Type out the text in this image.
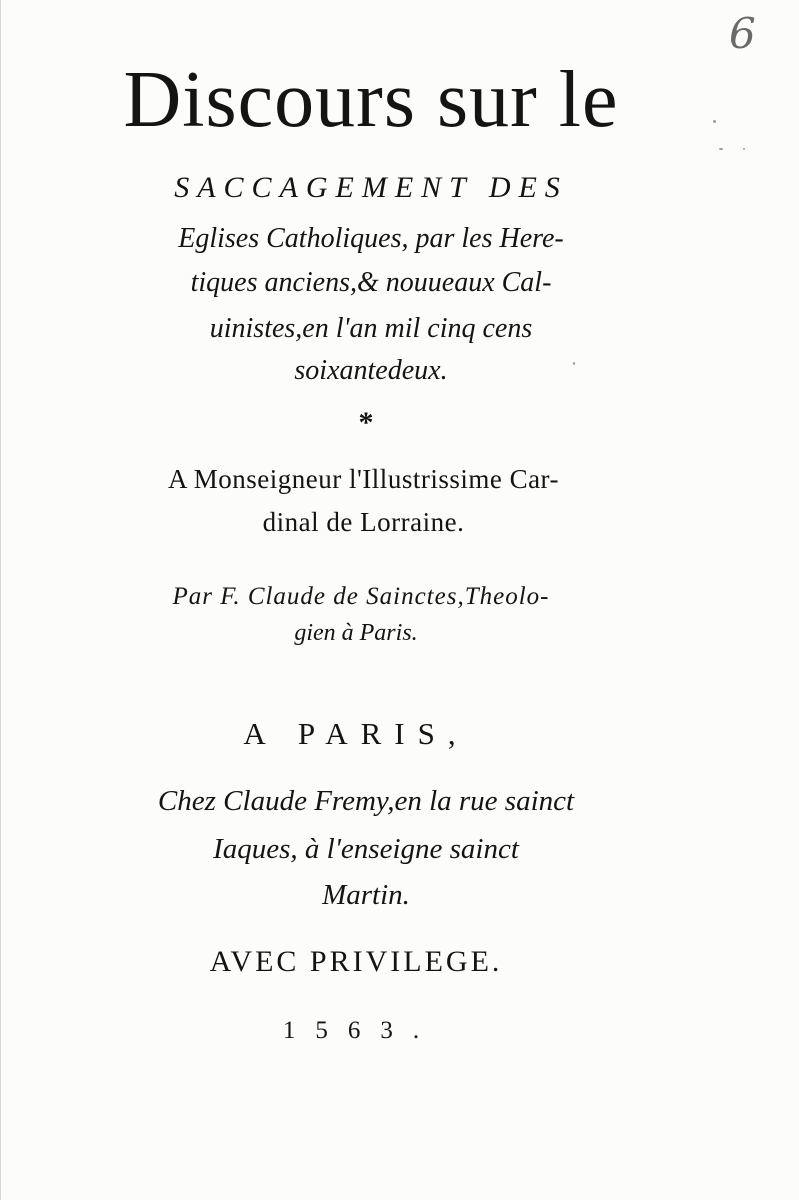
6
Discours sur le
SACCAGEMENT DES
Eglises Catholiques, par les Here-
tiques anciens,& nouueaux Cal-
uinistes,en l'an mil cinq cens
soixantedeux.
*
A Monseigneur l'Illustrissime Car-
dinal de Lorraine.
Par F. Claude de Sainctes,Theolo-
gien à Paris.
A PARIS,
Chez Claude Fremy,en la rue sainct
Iaques, à l'enseigne sainct
Martin.
AVEC PRIVILEGE.
1563.
